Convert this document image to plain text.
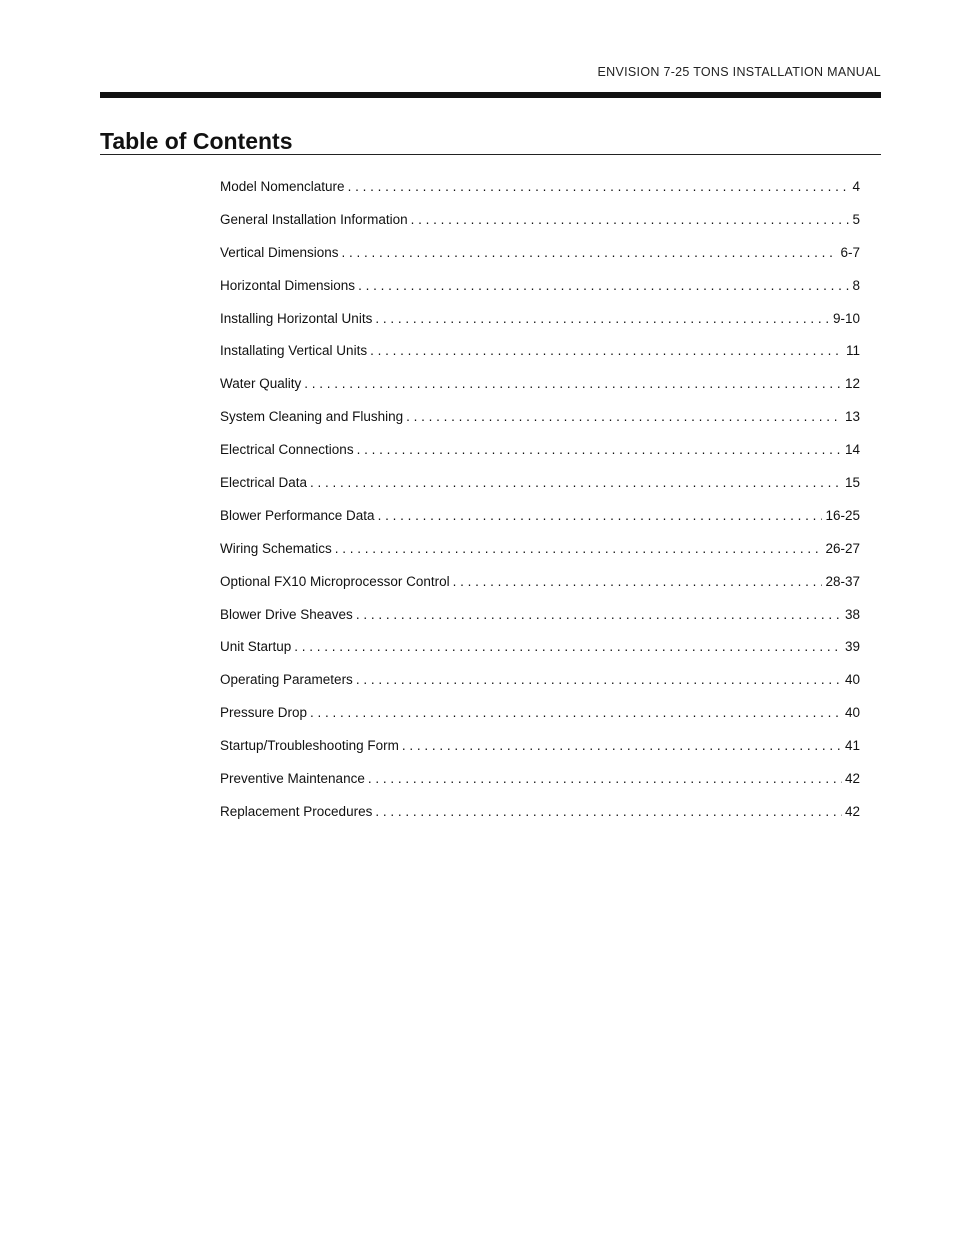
ENVISION 7-25 TONS INSTALLATION MANUAL
Table of Contents
Model Nomenclature . . .	4
General Installation Information . . .	5
Vertical Dimensions . . .	6-7
Horizontal Dimensions . . .	8
Installing Horizontal Units . . .	9-10
Installating Vertical Units . . .	11
Water Quality . . .	12
System Cleaning and Flushing . . .	13
Electrical Connections . . .	14
Electrical Data . . .	15
Blower Performance Data . . .	16-25
Wiring Schematics . . .	26-27
Optional FX10 Microprocessor Control . . .	28-37
Blower Drive Sheaves . . .	38
Unit Startup . . .	39
Operating Parameters . . .	40
Pressure Drop . . .	40
Startup/Troubleshooting Form . . .	41
Preventive Maintenance . . .	42
Replacement Procedures . . .	42
